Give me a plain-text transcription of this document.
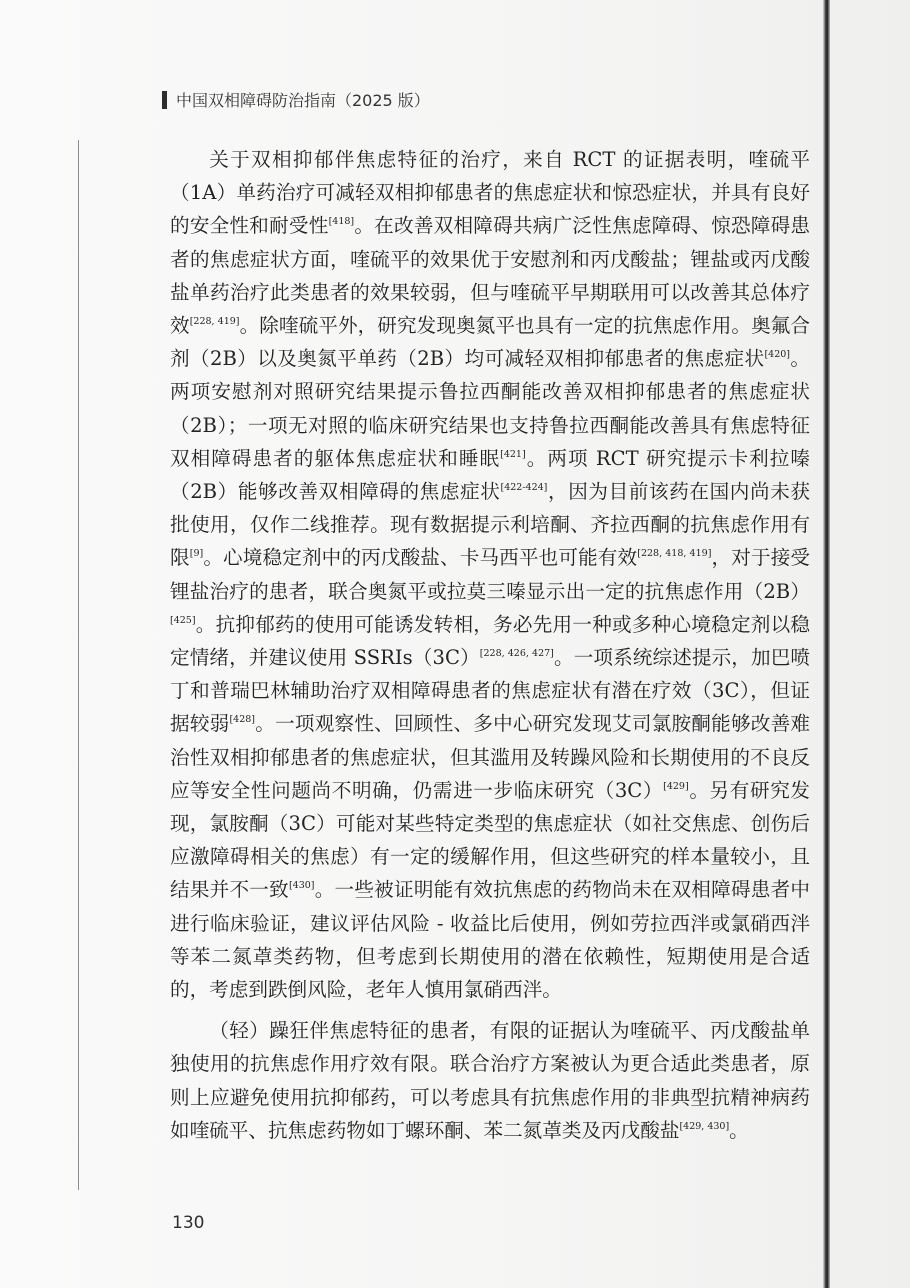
中国双相障碍防治指南（2025 版）

关于双相抑郁伴焦虑特征的治疗，来自 RCT 的证据表明，喹硫平（1A）单药治疗可减轻双相抑郁患者的焦虑症状和惊恐症状，并具有良好的安全性和耐受性[418]。在改善双相障碍共病广泛性焦虑障碍、惊恐障碍患者的焦虑症状方面，喹硫平的效果优于安慰剂和丙戊酸盐；锂盐或丙戊酸盐单药治疗此类患者的效果较弱，但与喹硫平早期联用可以改善其总体疗效[228, 419]。除喹硫平外，研究发现奥氮平也具有一定的抗焦虑作用。奥氟合剂（2B）以及奥氮平单药（2B）均可减轻双相抑郁患者的焦虑症状[420]。两项安慰剂对照研究结果提示鲁拉西酮能改善双相抑郁患者的焦虑症状（2B）；一项无对照的临床研究结果也支持鲁拉西酮能改善具有焦虑特征双相障碍患者的躯体焦虑症状和睡眠[421]。两项 RCT 研究提示卡利拉嗪（2B）能够改善双相障碍的焦虑症状[422-424]，因为目前该药在国内尚未获批使用，仅作二线推荐。现有数据提示利培酮、齐拉西酮的抗焦虑作用有限[9]。心境稳定剂中的丙戊酸盐、卡马西平也可能有效[228, 418, 419]，对于接受锂盐治疗的患者，联合奥氮平或拉莫三嗪显示出一定的抗焦虑作用（2B）[425]。抗抑郁药的使用可能诱发转相，务必先用一种或多种心境稳定剂以稳定情绪，并建议使用 SSRIs（3C）[228, 426, 427]。一项系统综述提示，加巴喷丁和普瑞巴林辅助治疗双相障碍患者的焦虑症状有潜在疗效（3C），但证据较弱[428]。一项观察性、回顾性、多中心研究发现艾司氯胺酮能够改善难治性双相抑郁患者的焦虑症状，但其滥用及转躁风险和长期使用的不良反应等安全性问题尚不明确，仍需进一步临床研究（3C）[429]。另有研究发现，氯胺酮（3C）可能对某些特定类型的焦虑症状（如社交焦虑、创伤后应激障碍相关的焦虑）有一定的缓解作用，但这些研究的样本量较小，且结果并不一致[430]。一些被证明能有效抗焦虑的药物尚未在双相障碍患者中进行临床验证，建议评估风险 - 收益比后使用，例如劳拉西泮或氯硝西泮等苯二氮䓬类药物，但考虑到长期使用的潜在依赖性，短期使用是合适的，考虑到跌倒风险，老年人慎用氯硝西泮。

（轻）躁狂伴焦虑特征的患者，有限的证据认为喹硫平、丙戊酸盐单独使用的抗焦虑作用疗效有限。联合治疗方案被认为更合适此类患者，原则上应避免使用抗抑郁药，可以考虑具有抗焦虑作用的非典型抗精神病药如喹硫平、抗焦虑药物如丁螺环酮、苯二氮䓬类及丙戊酸盐[429, 430]。

130
